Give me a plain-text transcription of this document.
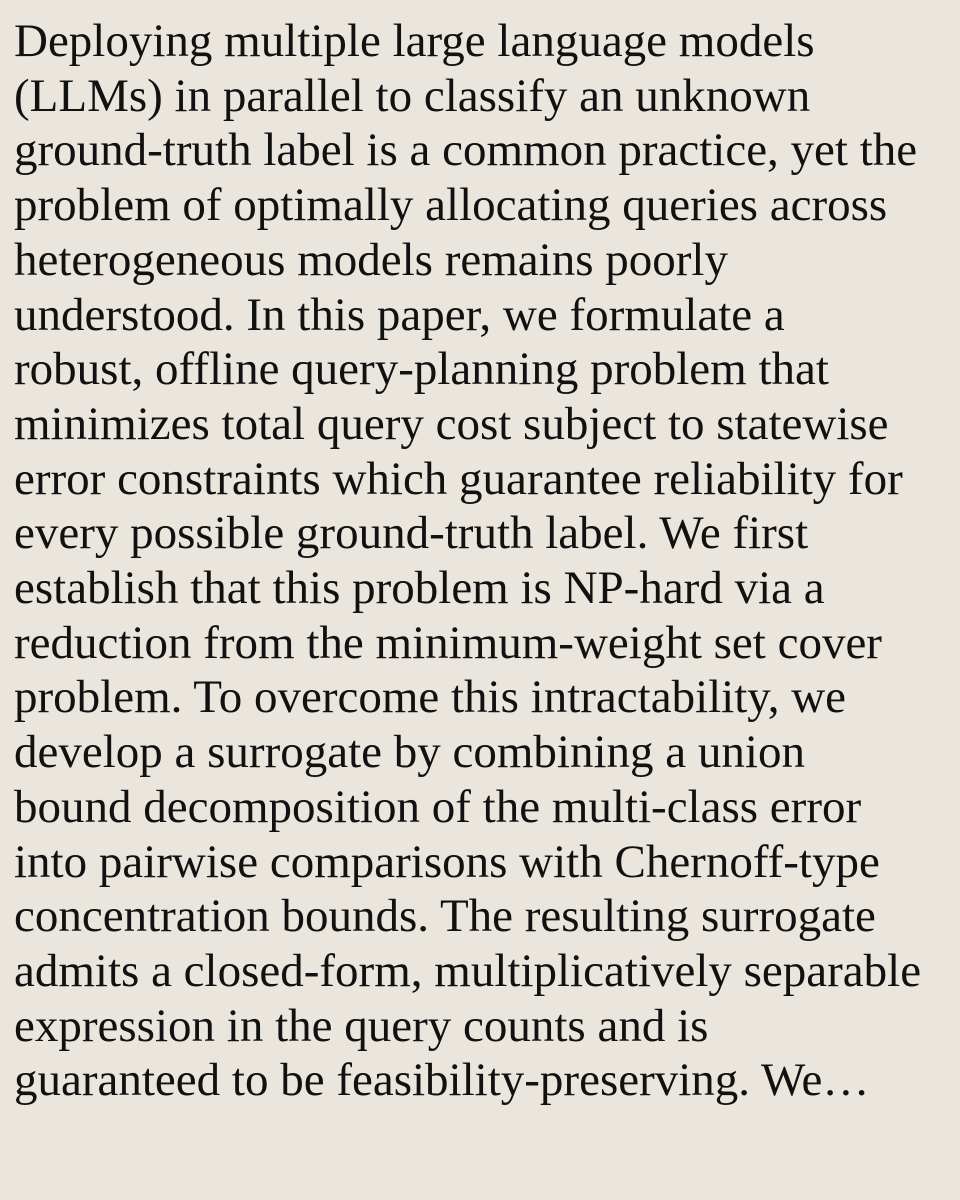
Deploying multiple large language models
(LLMs) in parallel to classify an unknown
ground-truth label is a common practice, yet the
problem of optimally allocating queries across
heterogeneous models remains poorly
understood. In this paper, we formulate a
robust, offline query-planning problem that
minimizes total query cost subject to statewise
error constraints which guarantee reliability for
every possible ground-truth label. We first
establish that this problem is NP-hard via a
reduction from the minimum-weight set cover
problem. To overcome this intractability, we
develop a surrogate by combining a union
bound decomposition of the multi-class error
into pairwise comparisons with Chernoff-type
concentration bounds. The resulting surrogate
admits a closed-form, multiplicatively separable
expression in the query counts and is
guaranteed to be feasibility-preserving. We…
